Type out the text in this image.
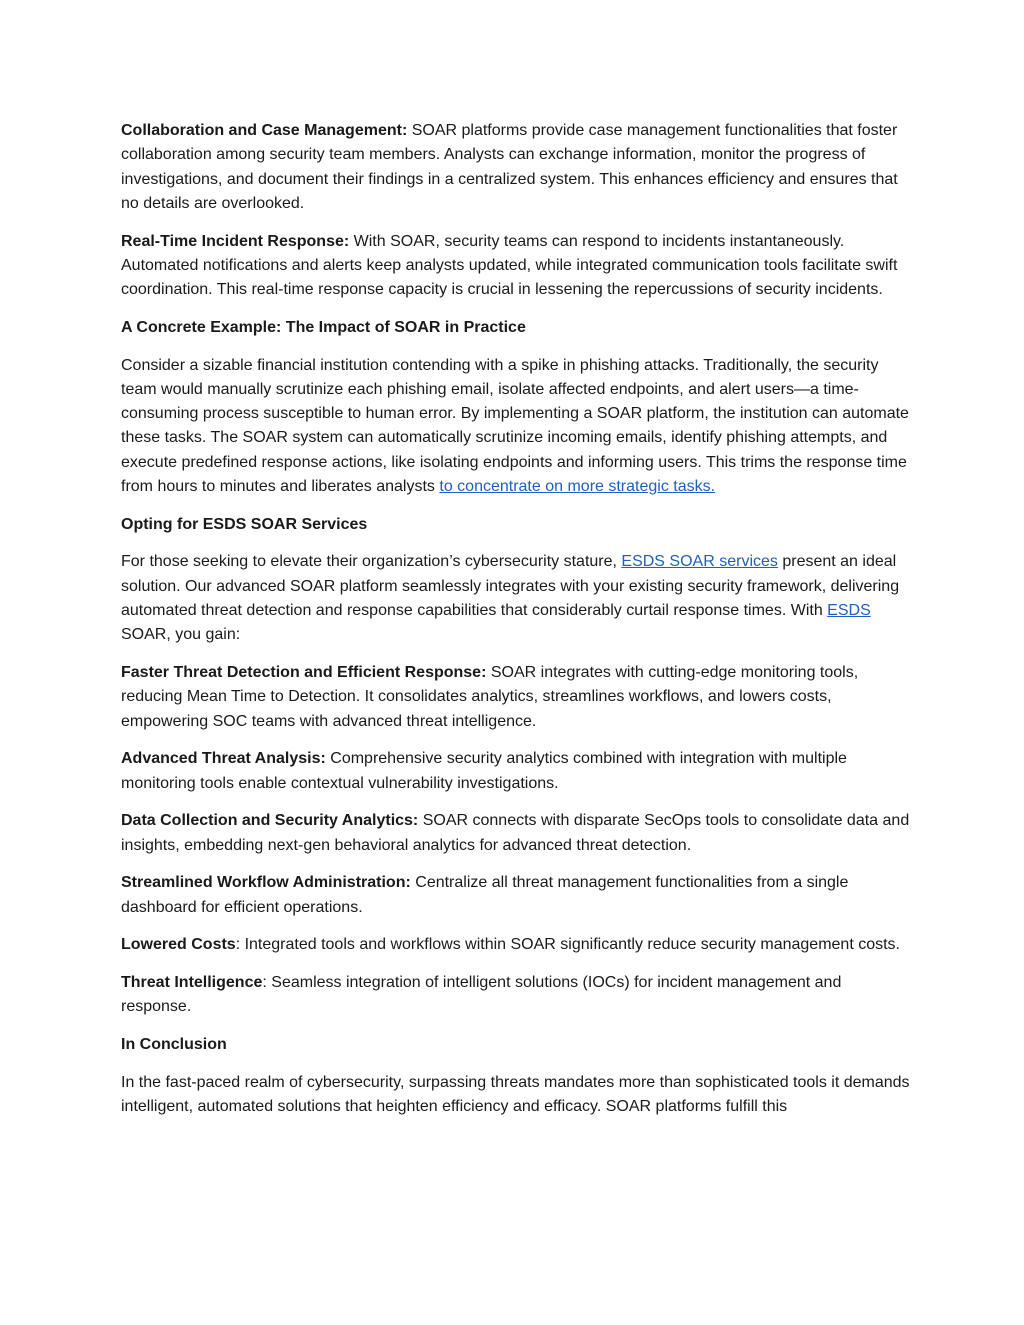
Collaboration and Case Management: SOAR platforms provide case management functionalities that foster collaboration among security team members. Analysts can exchange information, monitor the progress of investigations, and document their findings in a centralized system. This enhances efficiency and ensures that no details are overlooked.

Real-Time Incident Response: With SOAR, security teams can respond to incidents instantaneously. Automated notifications and alerts keep analysts updated, while integrated communication tools facilitate swift coordination. This real-time response capacity is crucial in lessening the repercussions of security incidents.

A Concrete Example: The Impact of SOAR in Practice

Consider a sizable financial institution contending with a spike in phishing attacks. Traditionally, the security team would manually scrutinize each phishing email, isolate affected endpoints, and alert users—a time-consuming process susceptible to human error. By implementing a SOAR platform, the institution can automate these tasks. The SOAR system can automatically scrutinize incoming emails, identify phishing attempts, and execute predefined response actions, like isolating endpoints and informing users. This trims the response time from hours to minutes and liberates analysts to concentrate on more strategic tasks.

Opting for ESDS SOAR Services

For those seeking to elevate their organization’s cybersecurity stature, ESDS SOAR services present an ideal solution. Our advanced SOAR platform seamlessly integrates with your existing security framework, delivering automated threat detection and response capabilities that considerably curtail response times. With ESDS SOAR, you gain:

Faster Threat Detection and Efficient Response: SOAR integrates with cutting-edge monitoring tools, reducing Mean Time to Detection. It consolidates analytics, streamlines workflows, and lowers costs, empowering SOC teams with advanced threat intelligence.

Advanced Threat Analysis: Comprehensive security analytics combined with integration with multiple monitoring tools enable contextual vulnerability investigations.

Data Collection and Security Analytics: SOAR connects with disparate SecOps tools to consolidate data and insights, embedding next-gen behavioral analytics for advanced threat detection.

Streamlined Workflow Administration: Centralize all threat management functionalities from a single dashboard for efficient operations.

Lowered Costs: Integrated tools and workflows within SOAR significantly reduce security management costs.

Threat Intelligence: Seamless integration of intelligent solutions (IOCs) for incident management and response.

In Conclusion

In the fast-paced realm of cybersecurity, surpassing threats mandates more than sophisticated tools it demands intelligent, automated solutions that heighten efficiency and efficacy. SOAR platforms fulfill this
